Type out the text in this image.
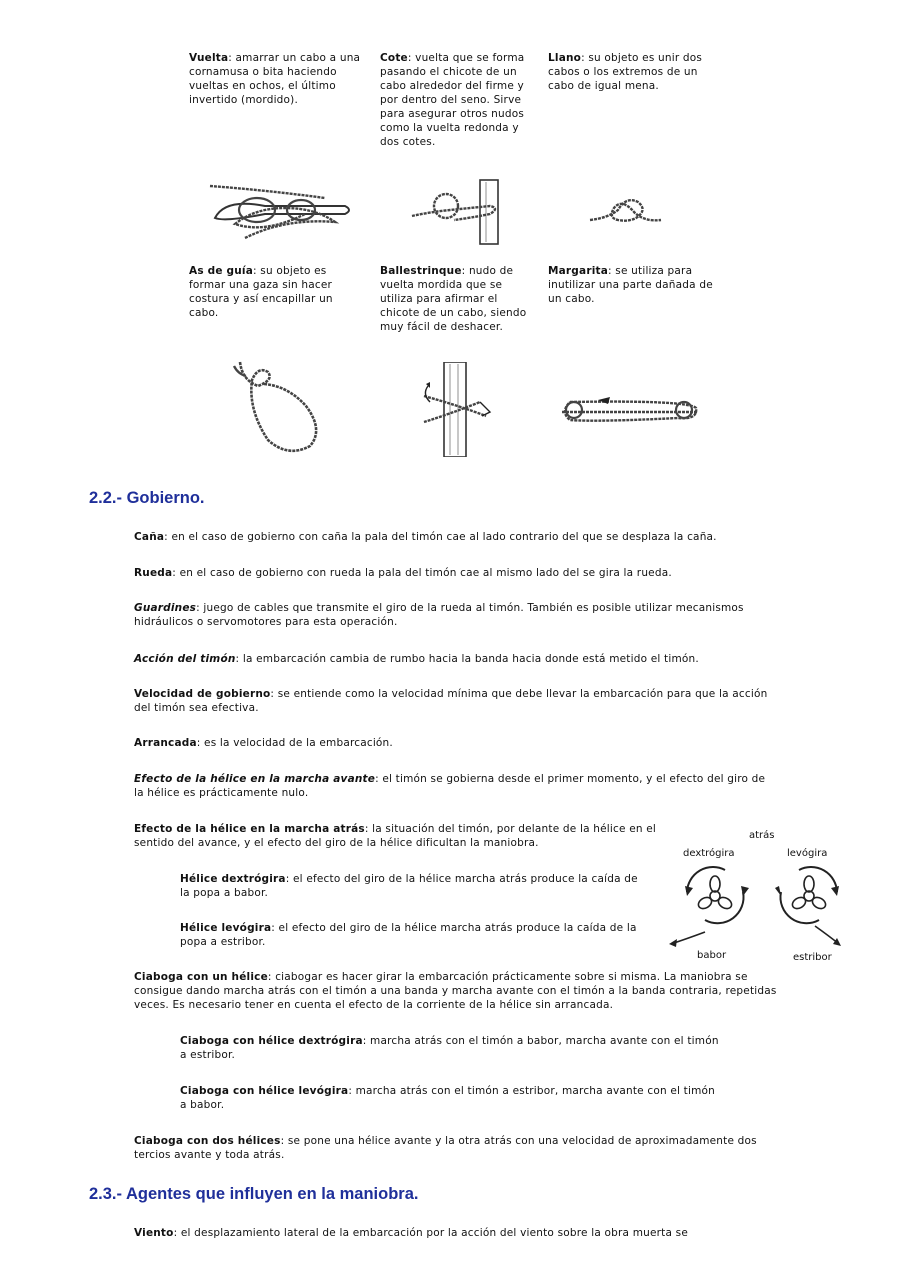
Vuelta: amarrar un cabo a una cornamusa o bita haciendo vueltas en ochos, el último invertido (mordido).
Cote: vuelta que se forma pasando el chicote de un cabo alrededor del firme y por dentro del seno. Sirve para asegurar otros nudos como la vuelta redonda y dos cotes.
Llano: su objeto es unir dos cabos o los extremos de un cabo de igual mena.
As de guía: su objeto es formar una gaza sin hacer costura y así encapillar un cabo.
Ballestrinque: nudo de vuelta mordida que se utiliza para afirmar el chicote de un cabo, siendo muy fácil de deshacer.
Margarita: se utiliza para inutilizar una parte dañada de un cabo.
2.2.- Gobierno.
Caña: en el caso de gobierno con caña la pala del timón cae al lado contrario del que se desplaza la caña.
Rueda: en el caso de gobierno con rueda la pala del timón cae al mismo lado del se gira la rueda.
Guardines: juego de cables que transmite el giro de la rueda al timón. También es posible utilizar mecanismos hidráulicos o servomotores para esta operación.
Acción del timón: la embarcación cambia de rumbo hacia la banda hacia donde está metido el timón.
Velocidad de gobierno: se entiende como la velocidad mínima que debe llevar la embarcación para que la acción del timón sea efectiva.
Arrancada: es la velocidad de la embarcación.
Efecto de la hélice en la marcha avante: el timón se gobierna desde el primer momento, y el efecto del giro de la hélice es prácticamente nulo.
Efecto de la hélice en la marcha atrás: la situación del timón, por delante de la hélice en el sentido del avance, y el efecto del giro de la hélice dificultan la maniobra.
Hélice dextrógira: el efecto del giro de la hélice marcha atrás produce la caída de la popa a babor.
Hélice levógira: el efecto del giro de la hélice marcha atrás produce la caída de la popa a estribor.
atrás
dextrógira	levógira
babor	estribor
Ciaboga con un hélice: ciabogar es hacer girar la embarcación prácticamente sobre si misma. La maniobra se consigue dando marcha atrás con el timón a una banda y marcha avante con el timón a la banda contraria, repetidas veces. Es necesario tener en cuenta el efecto de la corriente de la hélice sin arrancada.
Ciaboga con hélice dextrógira: marcha atrás con el timón a babor, marcha avante con el timón a estribor.
Ciaboga con hélice levógira: marcha atrás con el timón a estribor, marcha avante con el timón a babor.
Ciaboga con dos hélices: se pone una hélice avante y la otra atrás con una velocidad de aproximadamente dos tercios avante y toda atrás.
2.3.- Agentes que influyen en la maniobra.
Viento: el desplazamiento lateral de la embarcación por la acción del viento sobre la obra muerta se
